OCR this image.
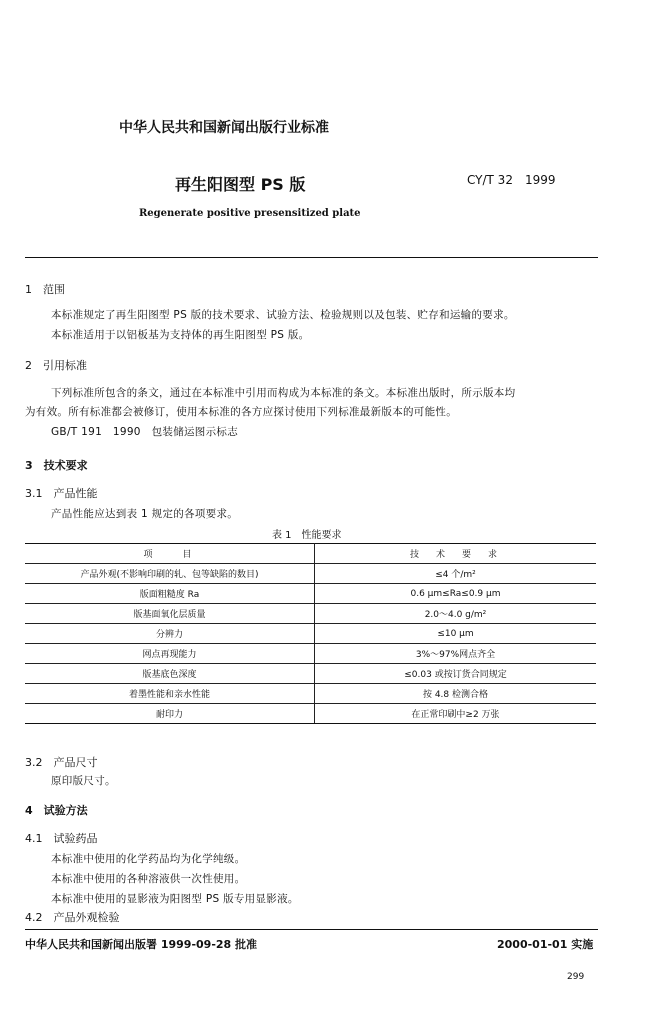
中华人民共和国新闻出版行业标准
再生阳图型 PS 版	CY/T 32　1999
Regenerate positive presensitized plate
1　范围
本标准规定了再生阳图型 PS 版的技术要求、试验方法、检验规则以及包装、贮存和运输的要求。
本标准适用于以铝板基为支持体的再生阳图型 PS 版。
2　引用标准
下列标准所包含的条文，通过在本标准中引用而构成为本标准的条文。本标准出版时，所示版本均
为有效。所有标准都会被修订，使用本标准的各方应探讨使用下列标准最新版本的可能性。
GB/T 191　1990　包装储运图示标志
3　技术要求
3.1　产品性能
产品性能应达到表 1 规定的各项要求。
表 1　性能要求
项　　目	技　术　要　求
产品外观(不影响印刷的轧、包等缺陷的数目)	≤4 个/m²
版面粗糙度 Ra	0.6 μm≤Ra≤0.9 μm
版基面氧化层质量	2.0～4.0 g/m²
分辨力	≤10 μm
网点再现能力	3%～97%网点齐全
版基底色深度	≤0.03 或按订货合同规定
着墨性能和亲水性能	按 4.8 检测合格
耐印力	在正常印刷中≥2 万张
3.2　产品尺寸
原印版尺寸。
4　试验方法
4.1　试验药品
本标准中使用的化学药品均为化学纯级。
本标准中使用的各种溶液供一次性使用。
本标准中使用的显影液为阳图型 PS 版专用显影液。
4.2　产品外观检验
中华人民共和国新闻出版署 1999-09-28 批准	2000-01-01 实施
299
